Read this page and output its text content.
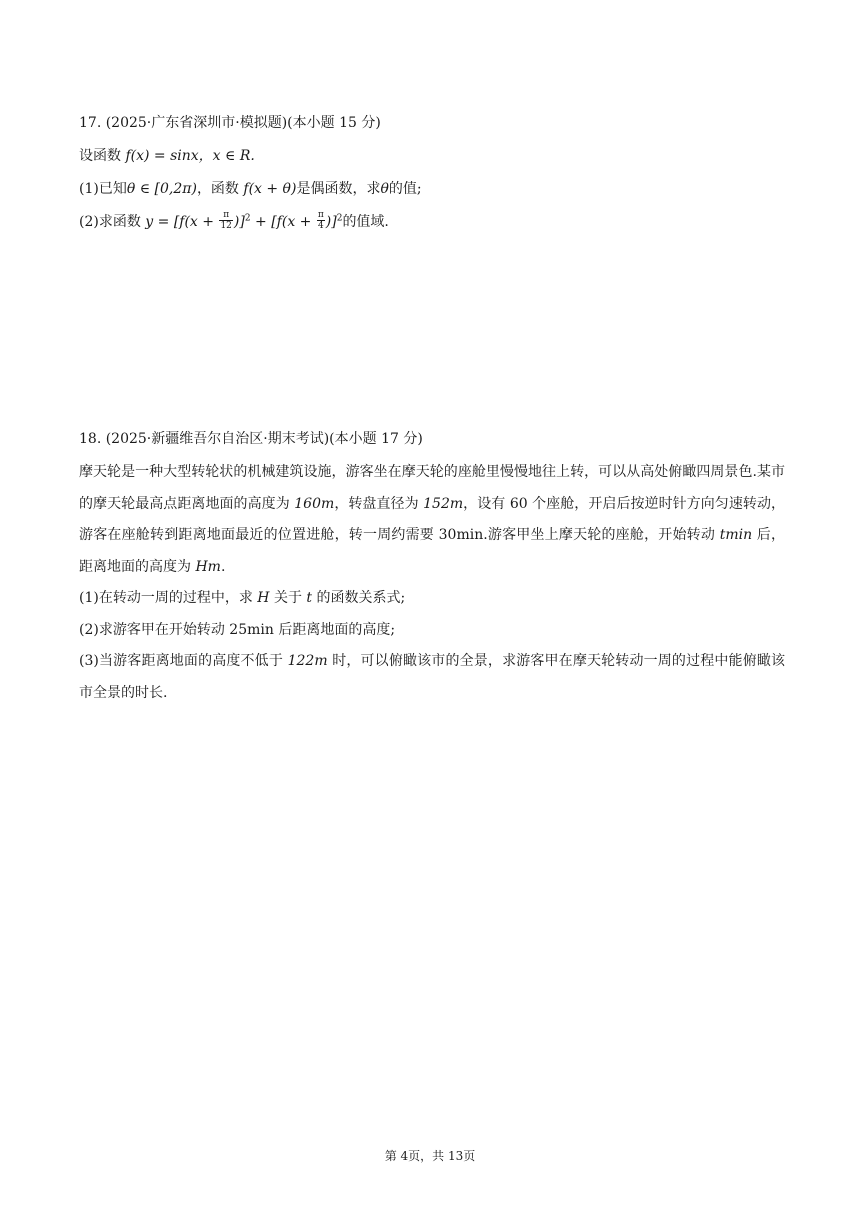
17. (2025·广东省深圳市·模拟题)(本小题 15 分)

设函数 f(x) = sinx，x ∈ R.

(1)已知θ ∈ [0,2π)，函数 f(x + θ)是偶函数，求θ的值;

(2)求函数 $y = [f(x + \frac{\pi}{12} )]^2 + [f(x + \frac{\pi}{4} )]^2$的值域.

18. (2025·新疆维吾尔自治区·期末考试)(本小题 17 分)

摩天轮是一种大型转轮状的机械建筑设施，游客坐在摩天轮的座舱里慢慢地往上转，可以从高处俯瞰四周景色.某市的摩天轮最高点距离地面的高度为 160m，转盘直径为 152m，设有 60 个座舱，开启后按逆时针方向匀速转动，游客在座舱转到距离地面最近的位置进舱，转一周约需要 30min.游客甲坐上摩天轮的座舱，开始转动 tmin 后，距离地面的高度为 Hm.

(1)在转动一周的过程中，求 H 关于 t 的函数关系式;

(2)求游客甲在开始转动 25min 后距离地面的高度;

(3)当游客距离地面的高度不低于 122m 时，可以俯瞰该市的全景，求游客甲在摩天轮转动一周的过程中能俯瞰该市全景的时长.

第 4页，共 13页
